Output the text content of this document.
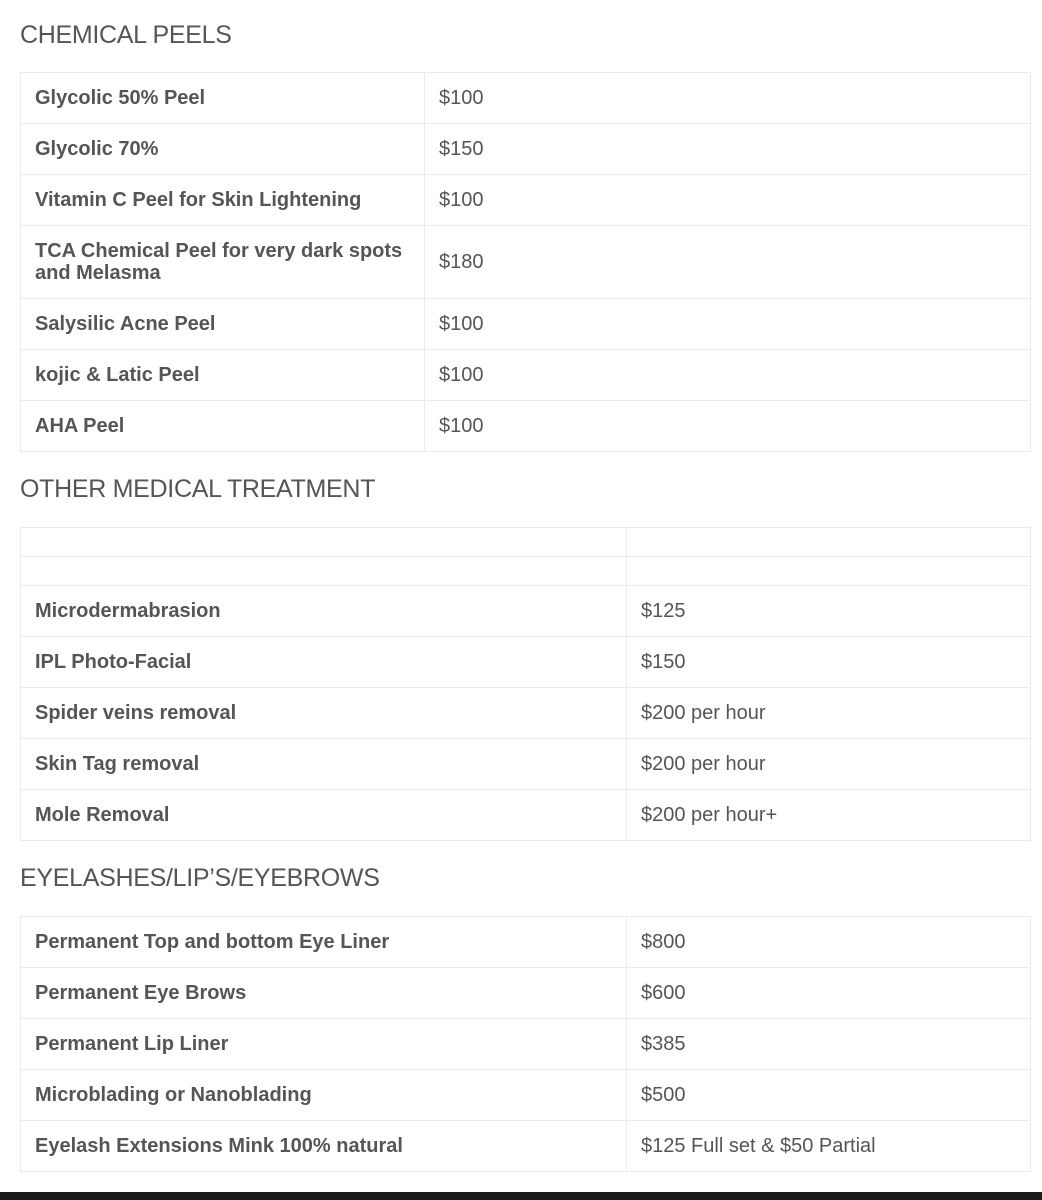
CHEMICAL PEELS
Glycolic 50% Peel	$100
Glycolic 70%	$150
Vitamin C Peel for Skin Lightening	$100
TCA Chemical Peel for very dark spots and Melasma	$180
Salysilic Acne Peel	$100
kojic & Latic Peel	$100
AHA Peel	$100
OTHER MEDICAL TREATMENT

Microdermabrasion	$125
IPL Photo-Facial	$150
Spider veins removal	$200 per hour
Skin Tag removal	$200 per hour
Mole Removal	$200 per hour+
EYELASHES/LIP’S/EYEBROWS
Permanent Top and bottom Eye Liner	$800
Permanent Eye Brows	$600
Permanent Lip Liner	$385
Microblading or Nanoblading	$500
Eyelash Extensions Mink 100% natural	$125 Full set & $50 Partial
